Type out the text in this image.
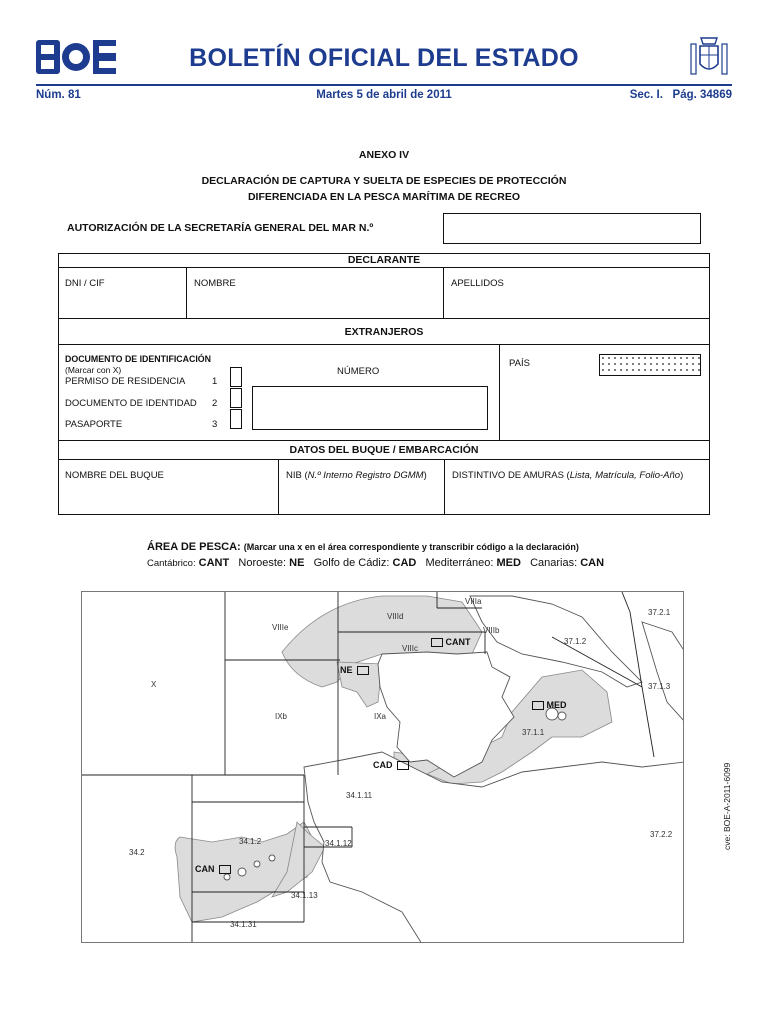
BOLETÍN OFICIAL DEL ESTADO
Núm. 81	Martes 5 de abril de 2011	Sec. I.   Pág. 34869
ANEXO IV
DECLARACIÓN DE CAPTURA Y SUELTA DE ESPECIES DE PROTECCIÓN
DIFERENCIADA EN LA PESCA MARÍTIMA DE RECREO
AUTORIZACIÓN DE LA SECRETARÍA GENERAL DEL MAR N.º
DECLARANTE
DNI / CIF	NOMBRE	APELLIDOS
EXTRANJEROS
DOCUMENTO DE IDENTIFICACIÓN
(Marcar con X)
PERMISO DE RESIDENCIA	1
DOCUMENTO DE IDENTIDAD 2
PASAPORTE	3
NÚMERO
PAÍS
DATOS DEL BUQUE / EMBARCACIÓN
NOMBRE DEL BUQUE	NIB (N.º Interno Registro DGMM)	DISTINTIVO DE AMURAS (Lista, Matrícula, Folio-Año)
ÁREA DE PESCA: (Marcar una x en el área correspondiente y transcribir código a la declaración)
Cantábrico: CANT Noroeste: NE Golfo de Cádiz: CAD Mediterráneo: MED Canarias: CAN
VIIIa
VIIIb
VIIId
VIIIc
VIIIe
X
IXb	IXa
37.2.1
37.1.2
37.1.3
37.1.1
37.2.2
34.1.11
34.1.2	34.1.12
34.2
34.1.13
34.1.31
CANT
NE
MED
CAD
CAN
cve: BOE-A-2011-6099
